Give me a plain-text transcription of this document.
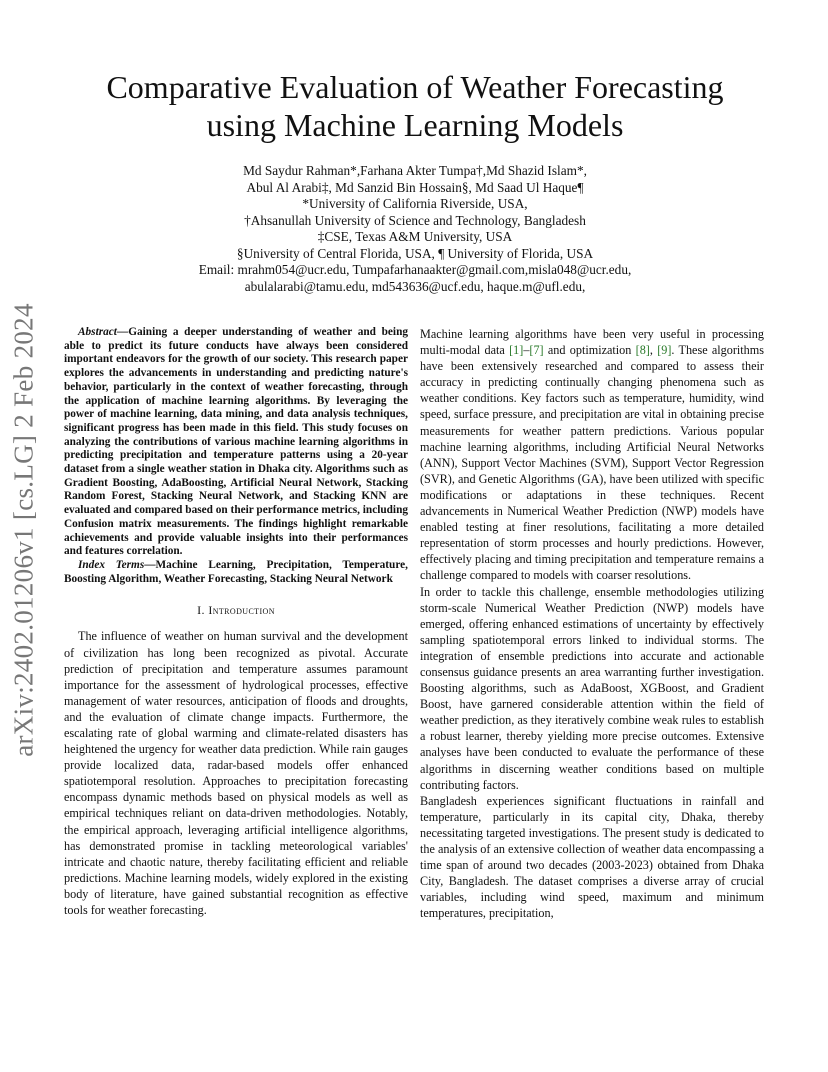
arXiv:2402.01206v1 [cs.LG] 2 Feb 2024
Comparative Evaluation of Weather Forecasting
using Machine Learning Models
Md Saydur Rahman*,Farhana Akter Tumpa†,Md Shazid Islam*,
Abul Al Arabi‡, Md Sanzid Bin Hossain§, Md Saad Ul Haque¶
*University of California Riverside, USA,
†Ahsanullah University of Science and Technology, Bangladesh
‡CSE, Texas A&M University, USA
§University of Central Florida, USA, ¶ University of Florida, USA
Email: mrahm054@ucr.edu, Tumpafarhanaakter@gmail.com,misla048@ucr.edu,
abulalarabi@tamu.edu, md543636@ucf.edu, haque.m@ufl.edu,

Abstract—Gaining a deeper understanding of weather and being able to predict its future conducts have always been considered important endeavors for the growth of our society. This research paper explores the advancements in understanding and predicting nature's behavior, particularly in the context of weather forecasting, through the application of machine learning algorithms. By leveraging the power of machine learning, data mining, and data analysis techniques, significant progress has been made in this field. This study focuses on analyzing the contributions of various machine learning algorithms in predicting precipitation and temperature patterns using a 20-year dataset from a single weather station in Dhaka city. Algorithms such as Gradient Boosting, AdaBoosting, Artificial Neural Network, Stacking Random Forest, Stacking Neural Network, and Stacking KNN are evaluated and compared based on their performance metrics, including Confusion matrix measurements. The findings highlight remarkable achievements and provide valuable insights into their performances and features correlation.

Index Terms—Machine Learning, Precipitation, Temperature, Boosting Algorithm, Weather Forecasting, Stacking Neural Network

I. Introduction

The influence of weather on human survival and the development of civilization has long been recognized as pivotal. Accurate prediction of precipitation and temperature assumes paramount importance for the assessment of hydrological processes, effective management of water resources, anticipation of floods and droughts, and the evaluation of climate change impacts. Furthermore, the escalating rate of global warming and climate-related disasters has heightened the urgency for weather data prediction. While rain gauges provide localized data, radar-based models offer enhanced spatiotemporal resolution. Approaches to precipitation forecasting encompass dynamic methods based on physical models as well as empirical techniques reliant on data-driven methodologies. Notably, the empirical approach, leveraging artificial intelligence algorithms, has demonstrated promise in tackling meteorological variables' intricate and chaotic nature, thereby facilitating efficient and reliable predictions. Machine learning models, widely explored in the existing body of literature, have gained substantial recognition as effective tools for weather forecasting.

Machine learning algorithms have been very useful in processing multi-modal data [1]–[7] and optimization [8], [9]. These algorithms have been extensively researched and compared to assess their accuracy in predicting continually changing phenomena such as weather conditions. Key factors such as temperature, humidity, wind speed, surface pressure, and precipitation are vital in obtaining precise measurements for weather pattern predictions. Various popular machine learning algorithms, including Artificial Neural Networks (ANN), Support Vector Machines (SVM), Support Vector Regression (SVR), and Genetic Algorithms (GA), have been utilized with specific modifications or adaptations in these techniques. Recent advancements in Numerical Weather Prediction (NWP) models have enabled testing at finer resolutions, facilitating a more detailed representation of storm processes and hourly predictions. However, effectively placing and timing precipitation and temperature remains a challenge compared to models with coarser resolutions.

In order to tackle this challenge, ensemble methodologies utilizing storm-scale Numerical Weather Prediction (NWP) models have emerged, offering enhanced estimations of uncertainty by effectively sampling spatiotemporal errors linked to individual storms. The integration of ensemble predictions into accurate and actionable consensus guidance presents an area warranting further investigation. Boosting algorithms, such as AdaBoost, XGBoost, and Gradient Boost, have garnered considerable attention within the field of weather prediction, as they iteratively combine weak rules to establish a robust learner, thereby yielding more precise outcomes. Extensive analyses have been conducted to evaluate the performance of these algorithms in discerning weather conditions based on multiple contributing factors.

Bangladesh experiences significant fluctuations in rainfall and temperature, particularly in its capital city, Dhaka, thereby necessitating targeted investigations. The present study is dedicated to the analysis of an extensive collection of weather data encompassing a time span of around two decades (2003-2023) obtained from Dhaka City, Bangladesh. The dataset comprises a diverse array of crucial variables, including wind speed, maximum and minimum temperatures, precipitation,
